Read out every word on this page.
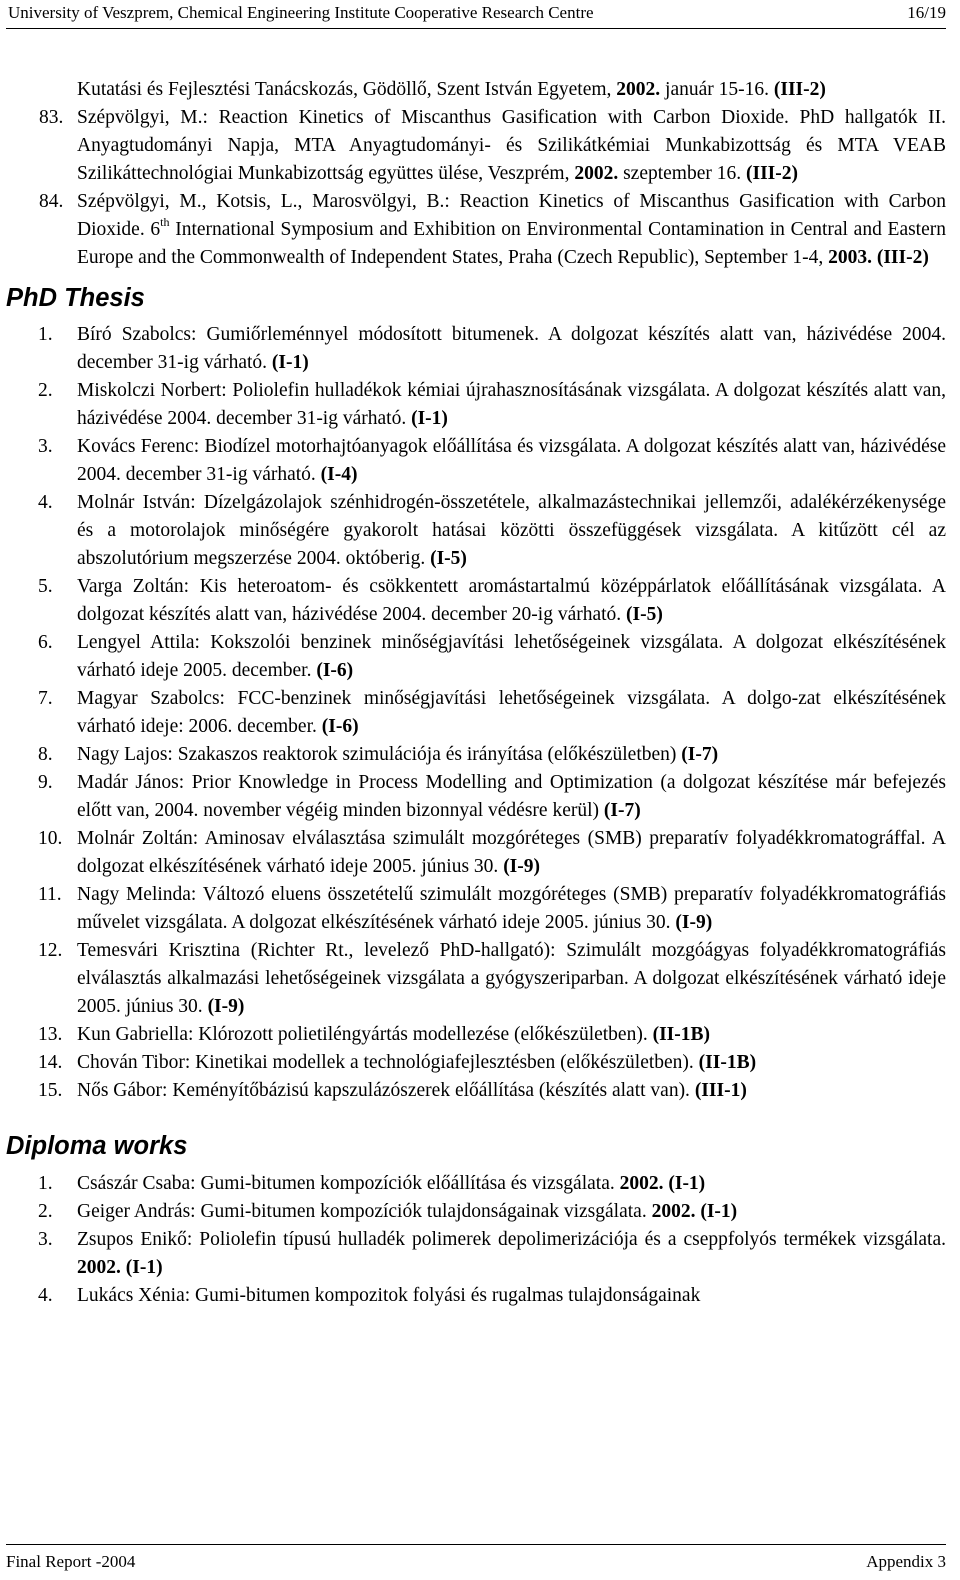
University of Veszprem, Chemical Engineering Institute Cooperative Research Centre	16/19
Kutatási és Fejlesztési Tanácskozás, Gödöllő, Szent István Egyetem, 2002. január 15-16. (III-2)
83. Szépvölgyi, M.: Reaction Kinetics of Miscanthus Gasification with Carbon Dioxide. PhD hallgatók II. Anyagtudományi Napja, MTA Anyagtudományi- és Szilikátkémiai Munkabizottság és MTA VEAB Szilikáttechnológiai Munkabizottság együttes ülése, Veszprém, 2002. szeptember 16. (III-2)
84. Szépvölgyi, M., Kotsis, L., Marosvölgyi, B.: Reaction Kinetics of Miscanthus Gasification with Carbon Dioxide. 6th International Symposium and Exhibition on Environmental Contamination in Central and Eastern Europe and the Commonwealth of Independent States, Praha (Czech Republic), September 1-4, 2003. (III-2)
PhD Thesis
1. Bíró Szabolcs: Gumiőrleménnyel módosított bitumenek. A dolgozat készítés alatt van, házivédése 2004. december 31-ig várható. (I-1)
2. Miskolczi Norbert: Poliolefin hulladékok kémiai újrahasznosításának vizsgálata. A dolgozat készítés alatt van, házivédése 2004. december 31-ig várható. (I-1)
3. Kovács Ferenc: Biodízel motorhajtóanyagok előállítása és vizsgálata. A dolgozat készítés alatt van, házivédése 2004. december 31-ig várható. (I-4)
4. Molnár István: Dízelgázolajok szénhidrogén-összetétele, alkalmazástechnikai jellemzői, adalékérzékenysége és a motorolajok minőségére gyakorolt hatásai közötti összefüggések vizsgálata. A kitűzött cél az abszolutórium megszerzése 2004. októberig. (I-5)
5. Varga Zoltán: Kis heteroatom- és csökkentett aromástartalmú középpárlatok előállításának vizsgálata. A dolgozat készítés alatt van, házivédése 2004. december 20-ig várható. (I-5)
6. Lengyel Attila: Kokszolói benzinek minőségjavítási lehetőségeinek vizsgálata. A dolgozat elkészítésének várható ideje 2005. december. (I-6)
7. Magyar Szabolcs: FCC-benzinek minőségjavítási lehetőségeinek vizsgálata. A dolgo-zat elkészítésének várható ideje: 2006. december. (I-6)
8. Nagy Lajos: Szakaszos reaktorok szimulációja és irányítása (előkészületben) (I-7)
9. Madár János: Prior Knowledge in Process Modelling and Optimization (a dolgozat készítése már befejezés előtt van, 2004. november végéig minden bizonnyal védésre kerül) (I-7)
10. Molnár Zoltán: Aminosav elválasztása szimulált mozgóréteges (SMB) preparatív folyadékkromatográffal. A dolgozat elkészítésének várható ideje 2005. június 30. (I-9)
11. Nagy Melinda: Változó eluens összetételű szimulált mozgóréteges (SMB) preparatív folyadékkromatográfiás művelet vizsgálata. A dolgozat elkészítésének várható ideje 2005. június 30. (I-9)
12. Temesvári Krisztina (Richter Rt., levelező PhD-hallgató): Szimulált mozgóágyas folyadékkromatográfiás elválasztás alkalmazási lehetőségeinek vizsgálata a gyógyszeriparban. A dolgozat elkészítésének várható ideje 2005. június 30. (I-9)
13. Kun Gabriella: Klórozott polietiléngyártás modellezése (előkészületben). (II-1B)
14. Chován Tibor: Kinetikai modellek a technológiafejlesztésben (előkészületben). (II-1B)
15. Nős Gábor: Keményítőbázisú kapszulázószerek előállítása (készítés alatt van). (III-1)
Diploma works
1. Császár Csaba: Gumi-bitumen kompozíciók előállítása és vizsgálata. 2002. (I-1)
2. Geiger András: Gumi-bitumen kompozíciók tulajdonságainak vizsgálata. 2002. (I-1)
3. Zsupos Enikő: Poliolefin típusú hulladék polimerek depolimerizációja és a cseppfolyós termékek vizsgálata. 2002. (I-1)
4. Lukács Xénia: Gumi-bitumen kompozitok folyási és rugalmas tulajdonságainak
Final Report -2004	Appendix 3
